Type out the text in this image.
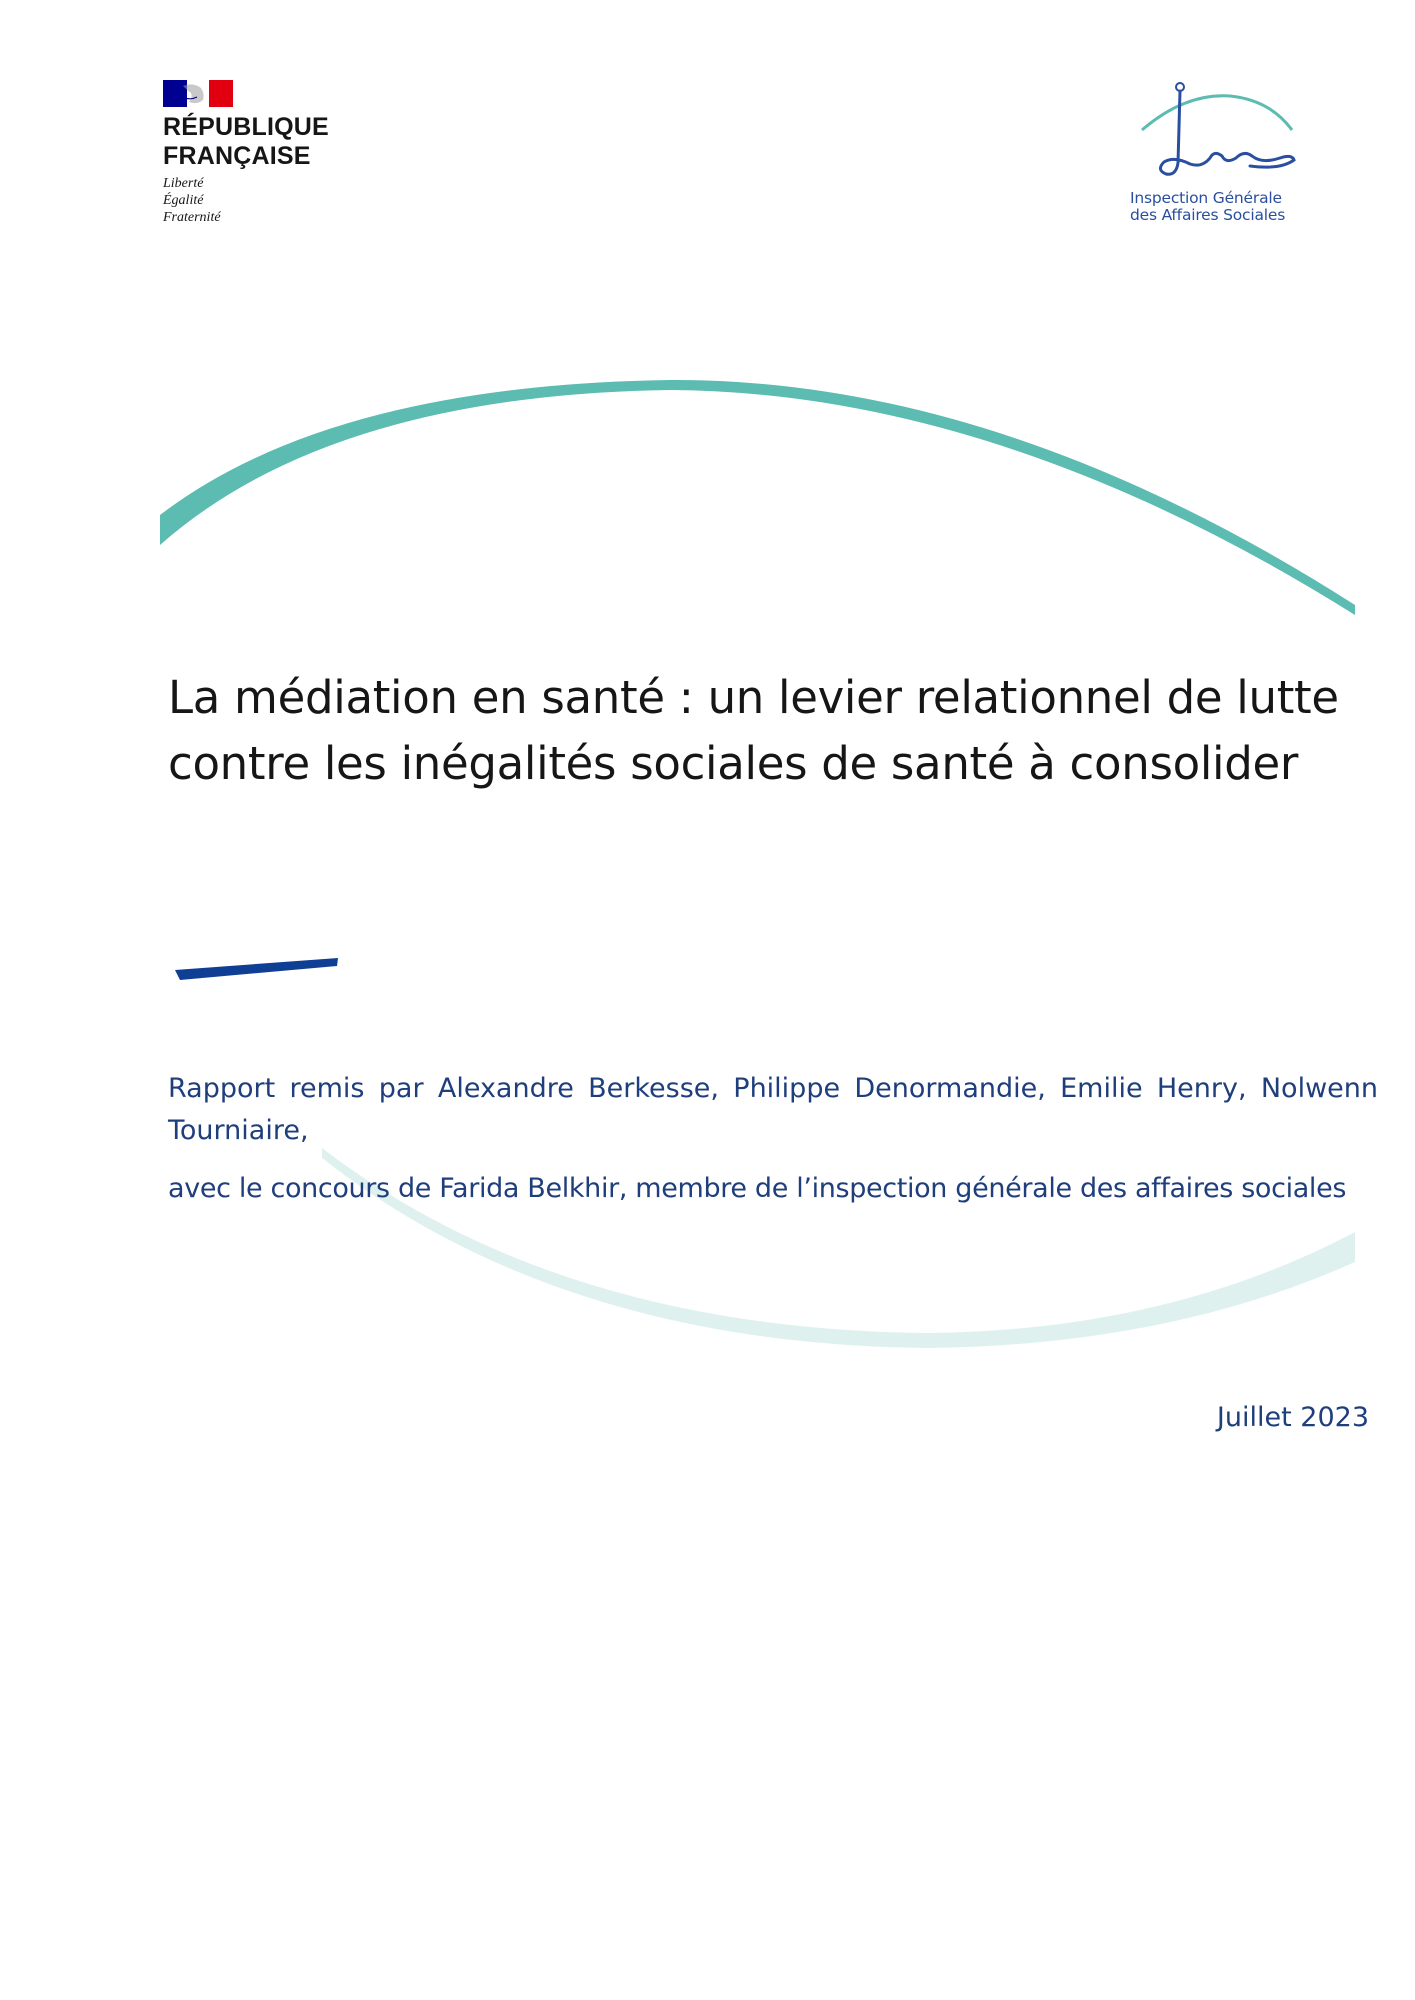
RÉPUBLIQUE
FRANÇAISE
Liberté
Égalité
Fraternité
Inspection Générale
des Affaires Sociales
La médiation en santé : un levier relationnel de lutte
contre les inégalités sociales de santé à consolider

Rapport remis par Alexandre Berkesse, Philippe Denormandie, Emilie Henry, Nolwenn

Tourniaire,

avec le concours de Farida Belkhir, membre de l’inspection générale des affaires sociales

Juillet 2023
